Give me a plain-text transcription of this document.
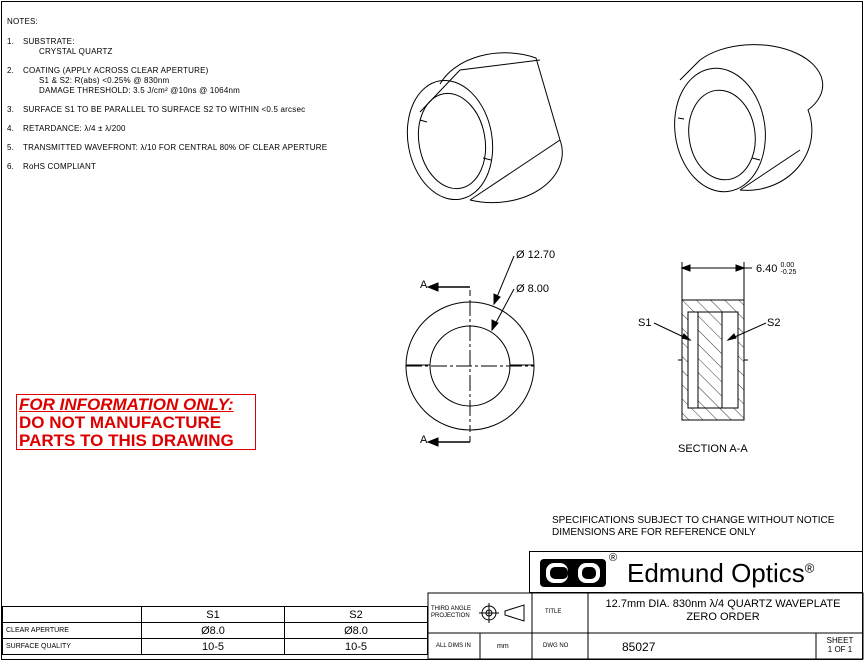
NOTES:
1.	SUBSTRATE:
CRYSTAL QUARTZ
2.	COATING (APPLY ACROSS CLEAR APERTURE)
S1 & S2: R(abs) <0.25% @ 830nm
DAMAGE THRESHOLD: 3.5 J/cm² @10ns @ 1064nm
3.	SURFACE S1 TO BE PARALLEL TO SURFACE S2 TO WITHIN <0.5 arcsec
4.	RETARDANCE: λ/4 ± λ/200
5.	TRANSMITTED WAVEFRONT: λ/10 FOR CENTRAL 80% OF CLEAR APERTURE
6.	RoHS COMPLIANT
FOR INFORMATION ONLY:
DO NOT MANUFACTURE
PARTS TO THIS DRAWING
Ø 12.70
Ø 8.00
A
A
6.40 0.00
-0.25
S1	S2
SECTION A-A
SPECIFICATIONS SUBJECT TO CHANGE WITHOUT NOTICE
DIMENSIONS ARE FOR REFERENCE ONLY
	S1	S2
CLEAR APERTURE	Ø8.0	Ø8.0
SURFACE QUALITY	10-5	10-5
® Edmund Optics®
THIRD ANGLE
PROJECTION
TITLE
12.7mm DIA. 830nm λ/4 QUARTZ WAVEPLATE
ZERO ORDER
ALL DIMS IN	mm	DWG NO	85027	SHEET
1 OF 1
